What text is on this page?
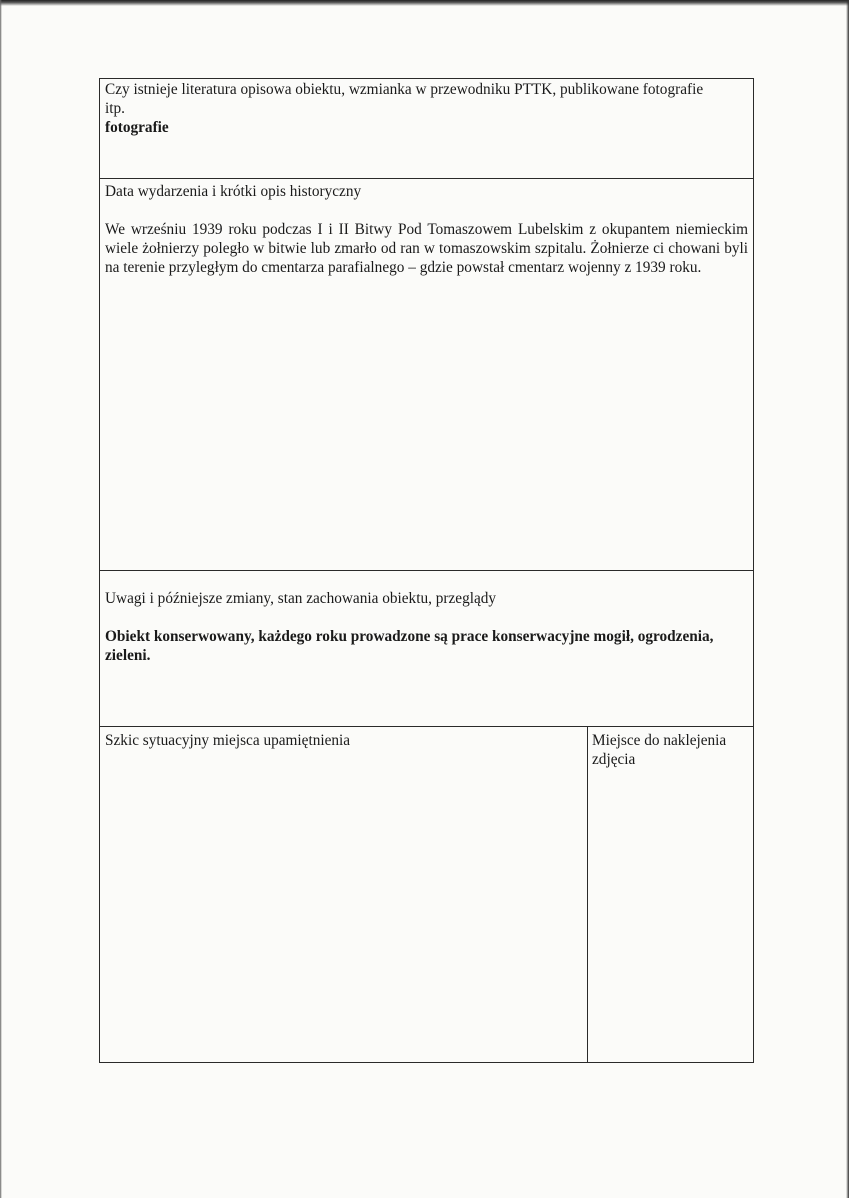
Czy istnieje literatura opisowa obiektu, wzmianka w przewodniku PTTK, publikowane fotografie itp.

fotografie

Data wydarzenia i krótki opis historyczny

We wrześniu 1939 roku podczas I i II Bitwy Pod Tomaszowem Lubelskim z okupantem niemieckim wiele żołnierzy poległo w bitwie lub zmarło od ran w tomaszowskim szpitalu. Żołnierze ci chowani byli na terenie przyległym do cmentarza parafialnego – gdzie powstał cmentarz wojenny z 1939 roku.

Uwagi i późniejsze zmiany, stan zachowania obiektu, przeglądy

Obiekt konserwowany, każdego roku prowadzone są prace konserwacyjne mogił, ogrodzenia, zieleni.

Szkic sytuacyjny miejsca upamiętnienia	Miejsce do naklejenia zdjęcia
